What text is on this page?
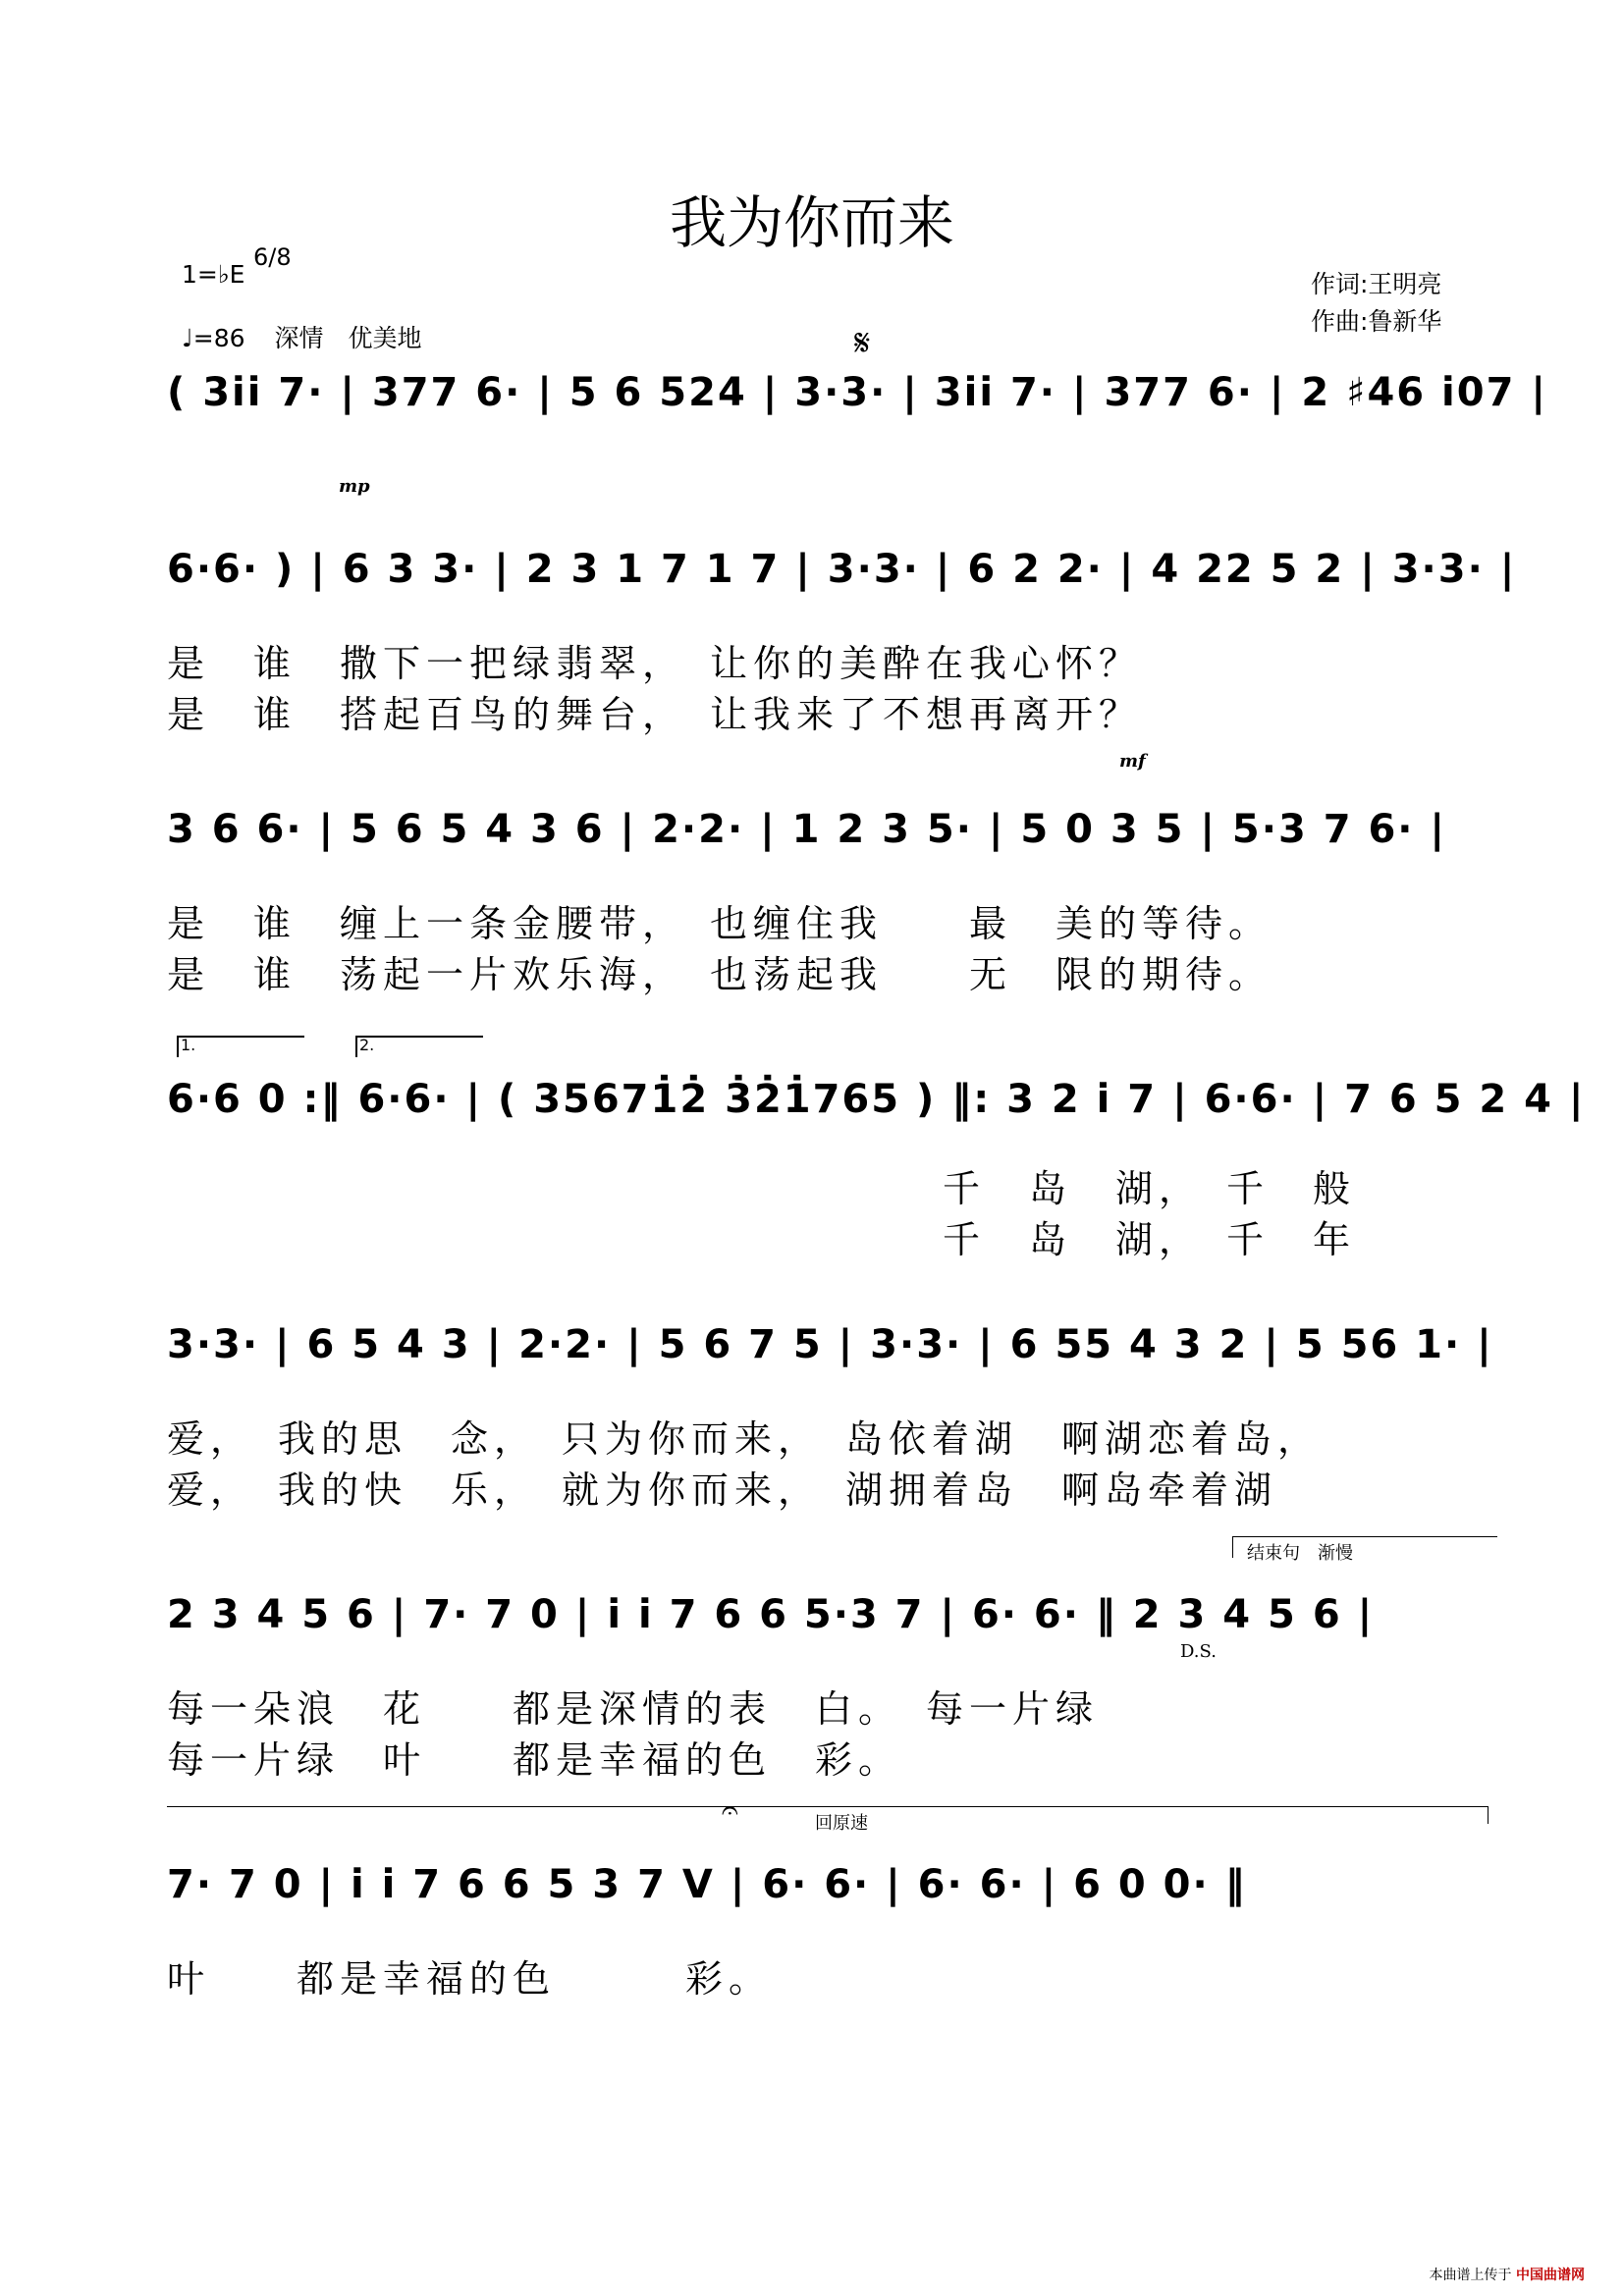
我为你而来
1=♭E
6/8
♩=86 深情　优美地
作词:王明亮
作曲:鲁新华
( 3i̇i̇ 7· | 377 6· | 5 6 524 | 3·3· | 3i̇i̇ 7· | 377 6· | 2 ♯46 i̇07 |
𝄋
mp
6·6· ) | 6 3 3· | 2 3 1 7 1 7 | 3·3· | 6 2 2· | 4 22 5 2 | 3·3· |
是　谁　撒下一把绿翡翠，　让你的美酔在我心怀？
是　谁　搭起百鸟的舞台，　让我来了不想再离开？
mf
3 6 6· | 5 6 5 4 3 6 | 2·2· | 1 2 3 5· | 5 0 3 5 | 5·3 7 6· |
是　谁　缠上一条金腰带，　也缠住我　　最　美的等待。
是　谁　荡起一片欢乐海，　也荡起我　　无　限的期待。
1.	2.
6·6 0 :‖ 6·6· | ( 35671̇2̇ 3̇2̇1̇765 ) ‖: 3 2 i̇ 7 | 6·6· | 7 6 5 2 4 |
千　岛　湖，　千　般
千　岛　湖，　千　年
3·3· | 6 5 4 3 | 2·2· | 5 6 7 5 | 3·3· | 6 55 4 3 2 | 5 56 1· |
爱，　我的思　念，　只为你而来，　岛依着湖　啊湖恋着岛，
爱，　我的快　乐，　就为你而来，　湖拥着岛　啊岛牵着湖
结束句　渐慢
2 3 4 5 6 | 7· 7 0 | i̇ i̇ 7 6 6 5·3 7 | 6· 6· ‖ 2 3 4 5 6 |
D.S.
每一朵浪　花　　都是深情的表　白。　每一片绿
每一片绿　叶　　都是幸福的色　彩。
回原速
𝄐
7· 7 0 | i̇ i̇ 7 6 6 5 3 7 V | 6· 6· | 6· 6· | 6 0 0· ‖
叶　　都是幸福的色　　　彩。
本曲谱上传于 中国曲谱网
